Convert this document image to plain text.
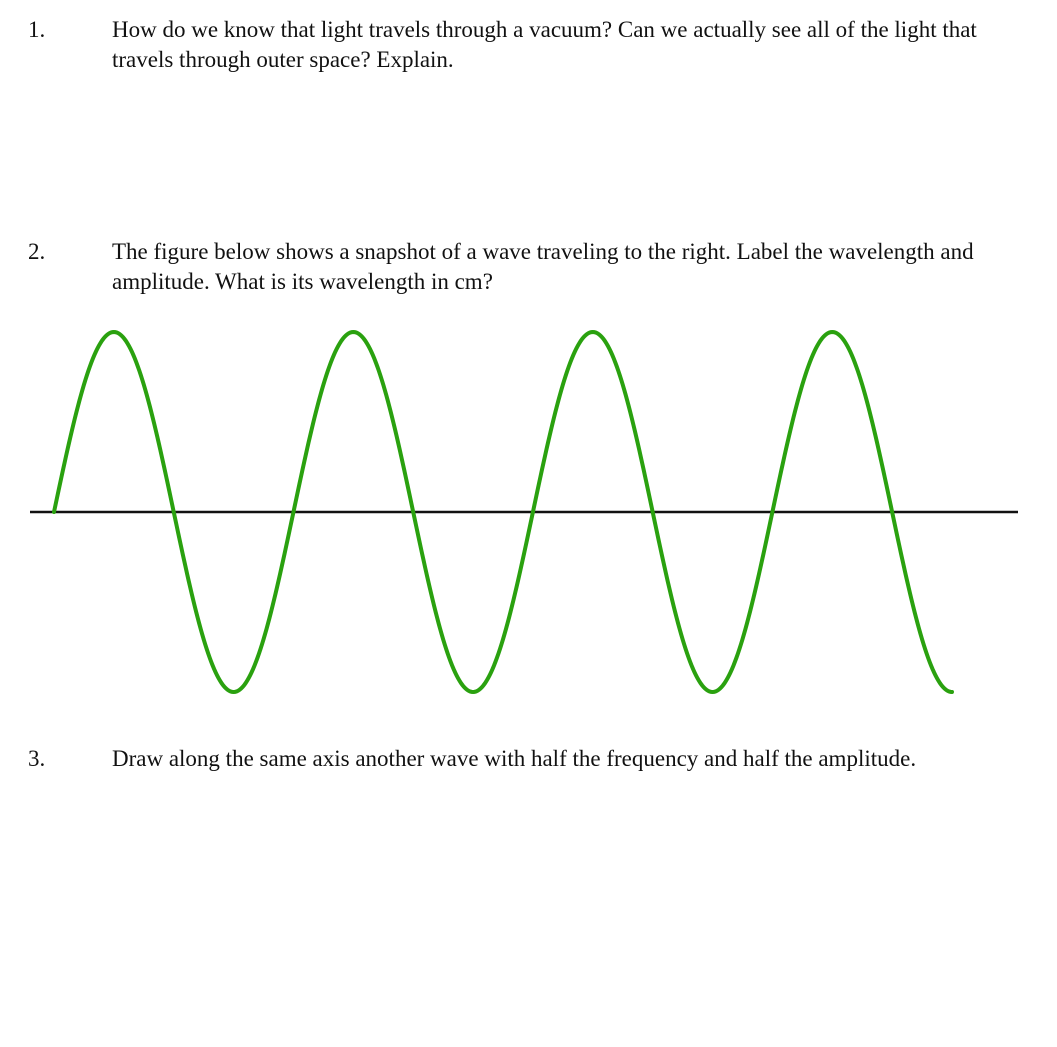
1.	How do we know that light travels through a vacuum? Can we actually see all of the light that travels through outer space? Explain.
2.	The figure below shows a snapshot of a wave traveling to the right. Label the wavelength and amplitude. What is its wavelength in cm?
3.	Draw along the same axis another wave with half the frequency and half the amplitude.
